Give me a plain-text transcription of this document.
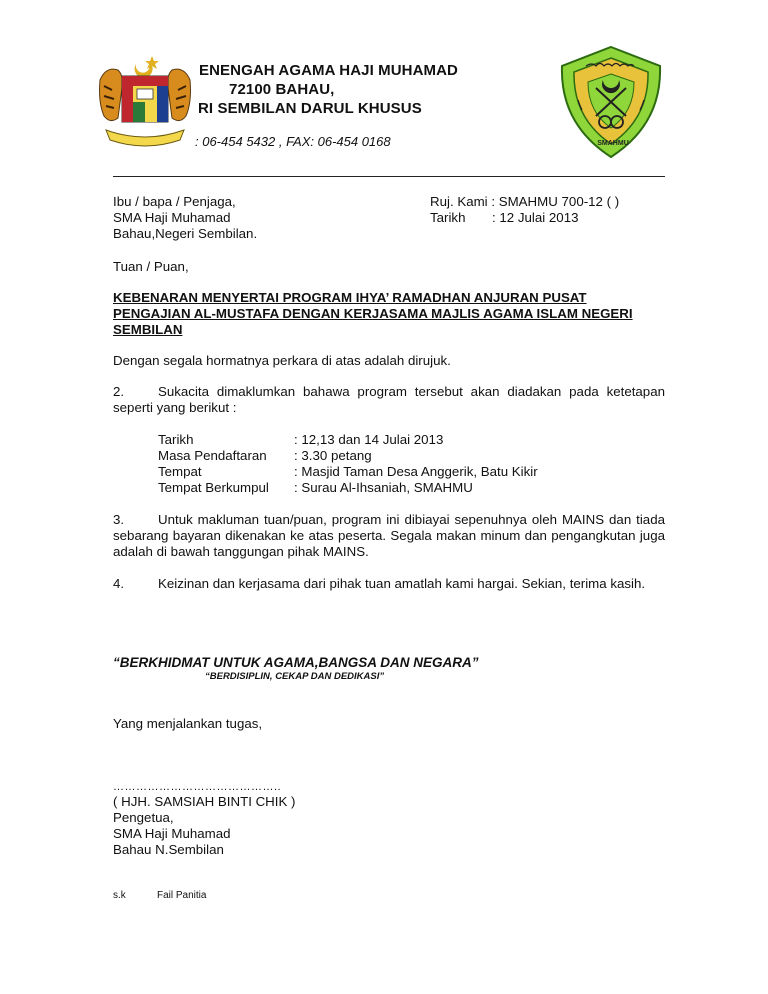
ENENGAH AGAMA HAJI MUHAMAD
72100 BAHAU,
RI SEMBILAN DARUL KHUSUS
: 06-454 5432 , FAX: 06-454 0168	SMAHMU
Ibu / bapa / Penjaga,
SMA Haji Muhamad
Bahau,Negeri Sembilan.
Ruj. Kami : SMAHMU 700-12 ( )
Tarikh : 12 Julai 2013
Tuan / Puan,
KEBENARAN MENYERTAI PROGRAM IHYA’ RAMADHAN ANJURAN PUSAT PENGAJIAN AL-MUSTAFA DENGAN KERJASAMA MAJLIS AGAMA ISLAM NEGERI SEMBILAN
Dengan segala hormatnya perkara di atas adalah dirujuk.
2.	Sukacita dimaklumkan bahawa program tersebut akan diadakan pada ketetapan seperti yang berikut :
Tarikh	: 12,13 dan 14 Julai 2013
Masa Pendaftaran	: 3.30 petang
Tempat	: Masjid Taman Desa Anggerik, Batu Kikir
Tempat Berkumpul	: Surau Al-Ihsaniah, SMAHMU
3.	Untuk makluman tuan/puan, program ini dibiayai sepenuhnya oleh MAINS dan tiada sebarang bayaran dikenakan ke atas peserta. Segala makan minum dan pengangkutan juga adalah di bawah tanggungan pihak MAINS.
4.	Keizinan dan kerjasama dari pihak tuan amatlah kami hargai. Sekian, terima kasih.
“BERKHIDMAT UNTUK AGAMA,BANGSA DAN NEGARA”
“BERDISIPLIN, CEKAP DAN DEDIKASI”
Yang menjalankan tugas,
……………………………………..
( HJH. SAMSIAH BINTI CHIK )
Pengetua,
SMA Haji Muhamad
Bahau N.Sembilan
s.k	Fail Panitia
